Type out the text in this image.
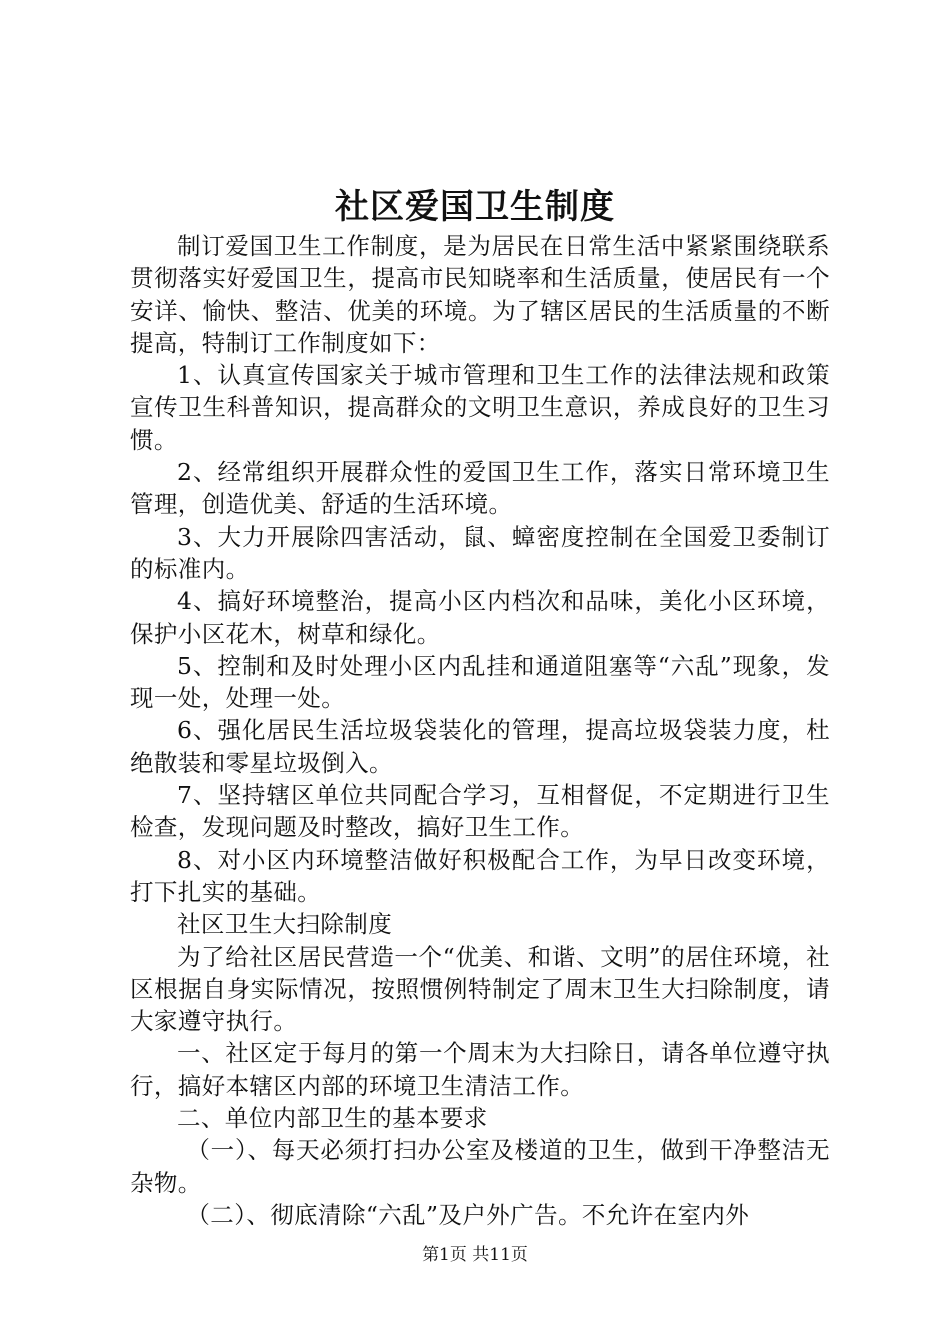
社区爱国卫生制度

制订爱国卫生工作制度，是为居民在日常生活中紧紧围绕联系贯彻落实好爱国卫生，提高市民知晓率和生活质量，使居民有一个安详、愉快、整洁、优美的环境。为了辖区居民的生活质量的不断提高，特制订工作制度如下：

1、认真宣传国家关于城市管理和卫生工作的法律法规和政策宣传卫生科普知识，提高群众的文明卫生意识，养成良好的卫生习惯。

2、经常组织开展群众性的爱国卫生工作，落实日常环境卫生管理，创造优美、舒适的生活环境。

3、大力开展除四害活动，鼠、蟑密度控制在全国爱卫委制订的标准内。

4、搞好环境整治，提高小区内档次和品味，美化小区环境，保护小区花木，树草和绿化。

5、控制和及时处理小区内乱挂和通道阻塞等“六乱”现象，发现一处，处理一处。

6、强化居民生活垃圾袋装化的管理，提高垃圾袋装力度，杜绝散装和零星垃圾倒入。

7、坚持辖区单位共同配合学习，互相督促，不定期进行卫生检查，发现问题及时整改，搞好卫生工作。

8、对小区内环境整洁做好积极配合工作，为早日改变环境，打下扎实的基础。

社区卫生大扫除制度

为了给社区居民营造一个“优美、和谐、文明”的居住环境，社区根据自身实际情况，按照惯例特制定了周末卫生大扫除制度，请大家遵守执行。

一、社区定于每月的第一个周末为大扫除日，请各单位遵守执行，搞好本辖区内部的环境卫生清洁工作。

二、单位内部卫生的基本要求

（一）、每天必须打扫办公室及楼道的卫生，做到干净整洁无杂物。

（二）、彻底清除“六乱”及户外广告。不允许在室内外

第1页 共11页
